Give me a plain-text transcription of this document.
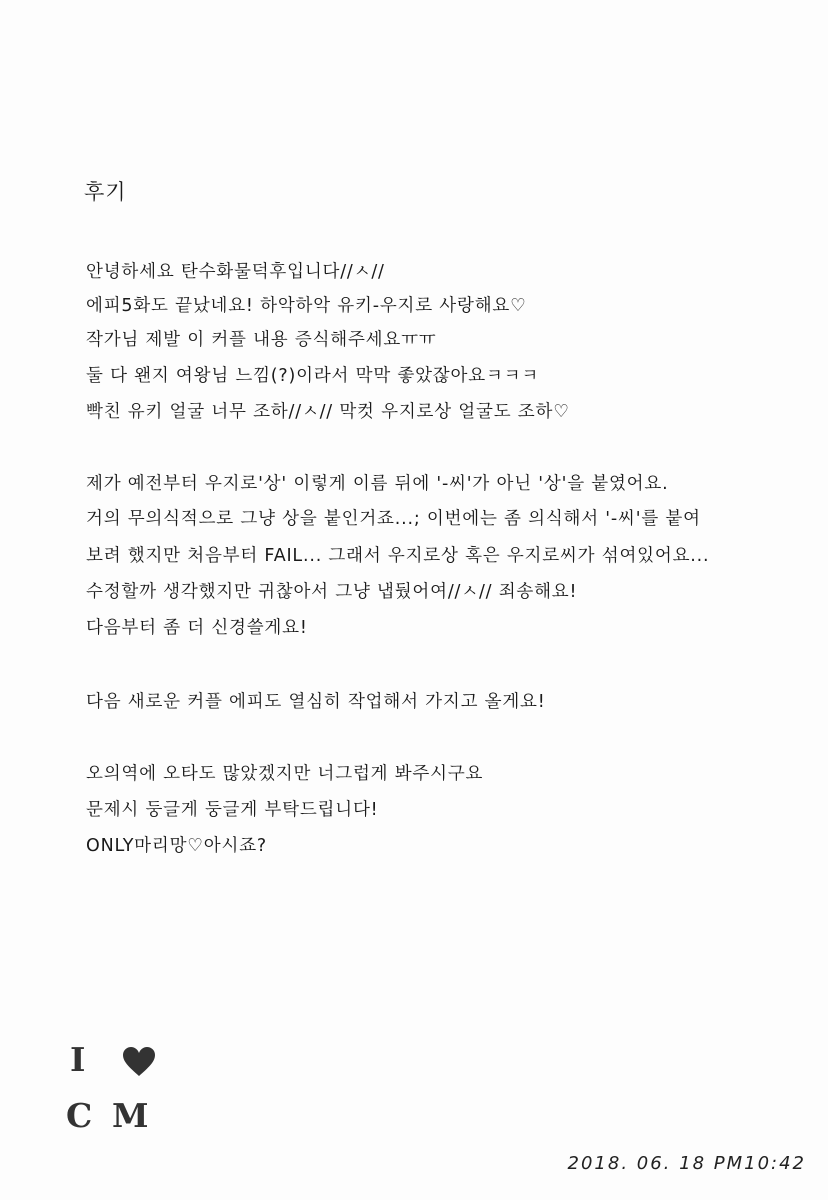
후기
안녕하세요 탄수화물덕후입니다//ㅅ//
에피5화도 끝났네요! 하악하악 유키-우지로 사랑해요♡
작가님 제발 이 커플 내용 증식해주세요ㅠㅠ
둘 다 왠지 여왕님 느낌(?)이라서 막막 좋았잖아요ㅋㅋㅋ
빡친 유키 얼굴 너무 조하//ㅅ// 막컷 우지로상 얼굴도 조하♡
제가 예전부터 우지로'상' 이렇게 이름 뒤에 '-씨'가 아닌 '상'을 붙였어요.
거의 무의식적으로 그냥 상을 붙인거죠...; 이번에는 좀 의식해서 '-씨'를 붙여
보려 했지만 처음부터 FAIL... 그래서 우지로상 혹은 우지로씨가 섞여있어요...
수정할까 생각했지만 귀찮아서 그냥 냅뒀어여//ㅅ// 죄송해요!
다음부터 좀 더 신경쓸게요!
다음 새로운 커플 에피도 열심히 작업해서 가지고 올게요!
오의역에 오타도 많았겠지만 너그럽게 봐주시구요
문제시 둥글게 둥글게 부탁드립니다!
ONLY마리망♡아시죠?
I
C M
2018. 06. 18 PM10:42
